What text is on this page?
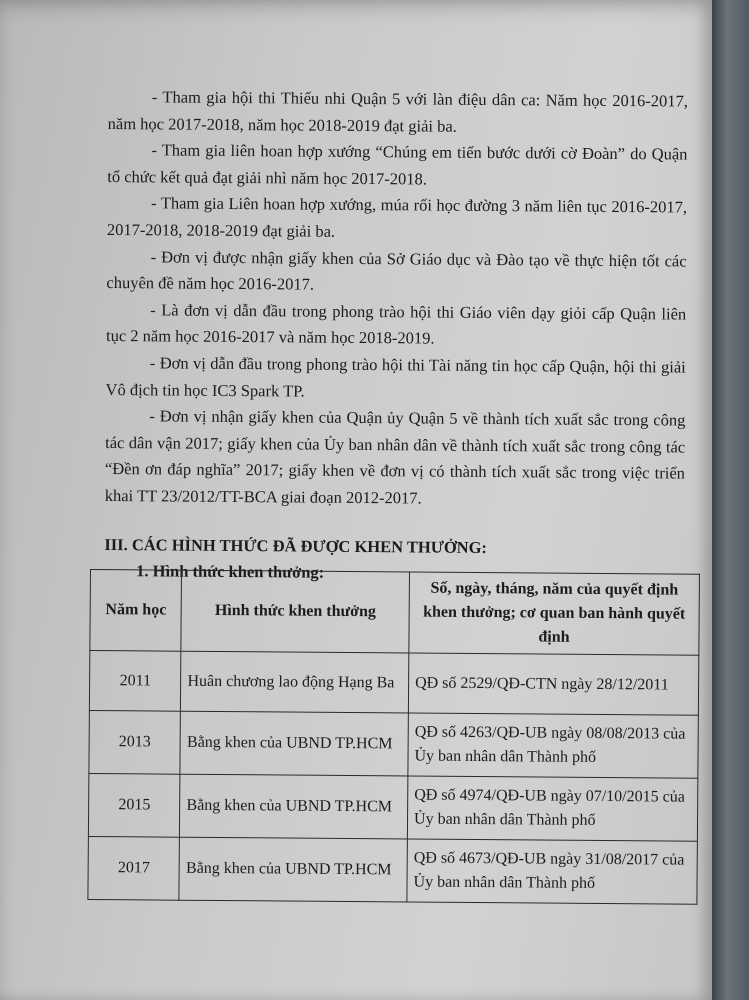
- Tham gia hội thi Thiếu nhi Quận 5 với làn điệu dân ca: Năm học 2016-2017, năm học 2017-2018, năm học 2018-2019 đạt giải ba.

- Tham gia liên hoan hợp xướng “Chúng em tiến bước dưới cờ Đoàn” do Quận tổ chức kết quả đạt giải nhì năm học 2017-2018.

- Tham gia Liên hoan hợp xướng, múa rối học đường 3 năm liên tục 2016-2017, 2017-2018, 2018-2019 đạt giải ba.

- Đơn vị được nhận giấy khen của Sở Giáo dục và Đào tạo về thực hiện tốt các chuyên đề năm học 2016-2017.

- Là đơn vị dẫn đầu trong phong trào hội thi Giáo viên dạy giỏi cấp Quận liên tục 2 năm học 2016-2017 và năm học 2018-2019.

- Đơn vị dẫn đầu trong phong trào hội thi Tài năng tin học cấp Quận, hội thi giải Vô địch tin học IC3 Spark TP.

- Đơn vị nhận giấy khen của Quận ủy Quận 5 về thành tích xuất sắc trong công tác dân vận 2017; giấy khen của Ủy ban nhân dân về thành tích xuất sắc trong công tác “Đền ơn đáp nghĩa” 2017; giấy khen về đơn vị có thành tích xuất sắc trong việc triển khai TT 23/2012/TT-BCA giai đoạn 2012-2017.

III. CÁC HÌNH THỨC ĐÃ ĐƯỢC KHEN THƯỞNG:

1. Hình thức khen thưởng:

Năm học	Hình thức khen thưởng	Số, ngày, tháng, năm của quyết định khen thưởng; cơ quan ban hành quyết định
2011	Huân chương lao động Hạng Ba	QĐ số 2529/QĐ-CTN ngày 28/12/2011
2013	Bằng khen của UBND TP.HCM	QĐ số 4263/QĐ-UB ngày 08/08/2013 của Ủy ban nhân dân Thành phố
2015	Bằng khen của UBND TP.HCM	QĐ số 4974/QĐ-UB ngày 07/10/2015 của Ủy ban nhân dân Thành phố
2017	Bằng khen của UBND TP.HCM	QĐ số 4673/QĐ-UB ngày 31/08/2017 của Ủy ban nhân dân Thành phố
